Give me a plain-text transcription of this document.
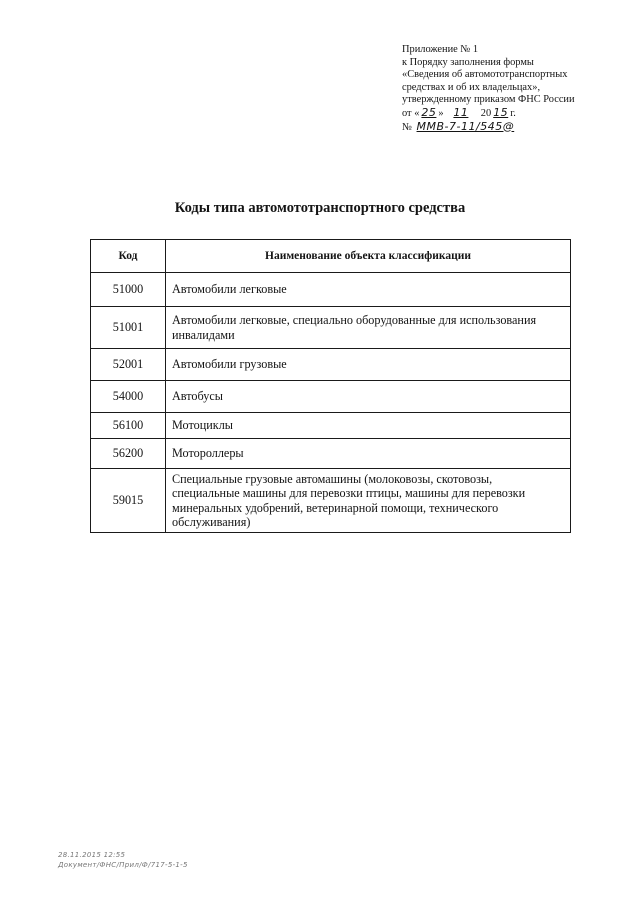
Приложение № 1
к Порядку заполнения формы
«Сведения об автомототранспортных
средствах и об их владельцах»,
утвержденному приказом ФНС России
от « 25 » 11 20 15 г.
№ ММВ-7-11/545@
Коды типа автомототранспортного средства
Код	Наименование объекта классификации
51000	Автомобили легковые
51001	Автомобили легковые, специально оборудованные для использования инвалидами
52001	Автомобили грузовые
54000	Автобусы
56100	Мотоциклы
56200	Мотороллеры
59015	Специальные грузовые автомашины (молоковозы, скотовозы, специальные машины для перевозки птицы, машины для перевозки минеральных удобрений, ветеринарной помощи, технического обслуживания)
28.11.2015 12:55
Документ/ФНС/Прил/Ф/717-5-1-5
